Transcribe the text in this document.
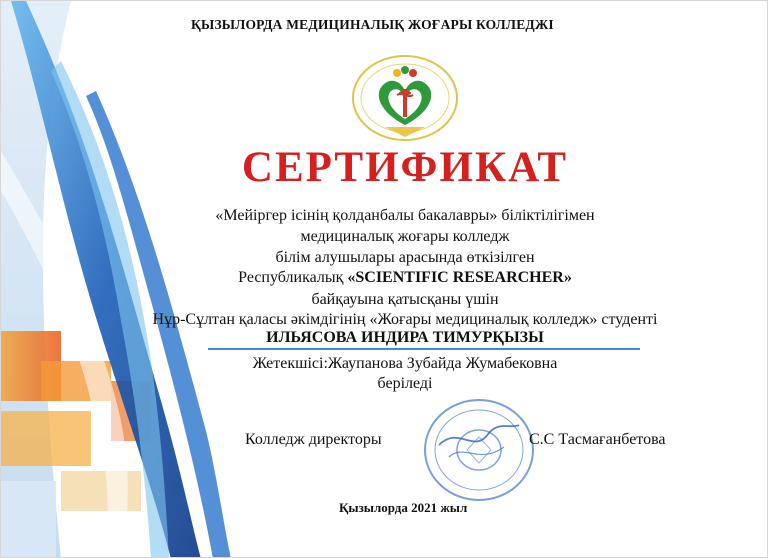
ҚЫЗЫЛОРДА МЕДИЦИНАЛЫҚ ЖОҒАРЫ КОЛЛЕДЖІ
СЕРТИФИКАТ
«Мейіргер ісінің қолданбалы бакалавры» біліктілігімен
медициналық жоғары колледж
білім алушылары арасында өткізілген
Республикалық «SCIENTIFIC RESEARCHER»
байқауына қатысқаны үшін
Нұр-Сұлтан қаласы әкімдігінің «Жоғары медициналық колледж» студенті
ИЛЬЯСОВА ИНДИРА ТИМУРҚЫЗЫ
Жетекшісі:Жаупанова Зубайда Жумабековна
беріледі
Колледж директоры	С.С Тасмағанбетова
Қызылорда 2021 жыл
